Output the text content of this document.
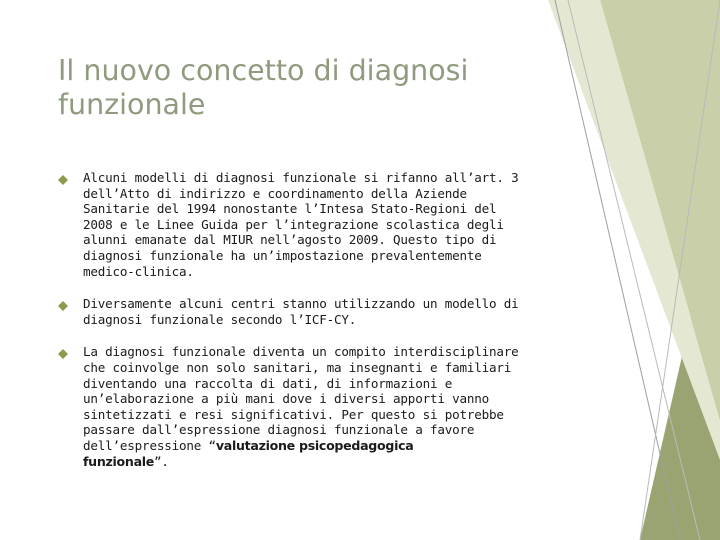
Il nuovo concetto di diagnosi
funzionale
Alcuni modelli di diagnosi funzionale si rifanno all’art. 3
dell’Atto di indirizzo e coordinamento della Aziende
Sanitarie del 1994 nonostante l’Intesa Stato-Regioni del
2008 e le Linee Guida per l’integrazione scolastica degli
alunni emanate dal MIUR nell’agosto 2009. Questo tipo di
diagnosi funzionale ha un’impostazione prevalentemente
medico-clinica.
Diversamente alcuni centri stanno utilizzando un modello di
diagnosi funzionale secondo l’ICF-CY.
La diagnosi funzionale diventa un compito interdisciplinare
che coinvolge non solo sanitari, ma insegnanti e familiari
diventando una raccolta di dati, di informazioni e
un’elaborazione a più mani dove i diversi apporti vanno
sintetizzati e resi significativi. Per questo si potrebbe
passare dall’espressione diagnosi funzionale a favore
dell’espressione “valutazione psicopedagogica
funzionale”.
